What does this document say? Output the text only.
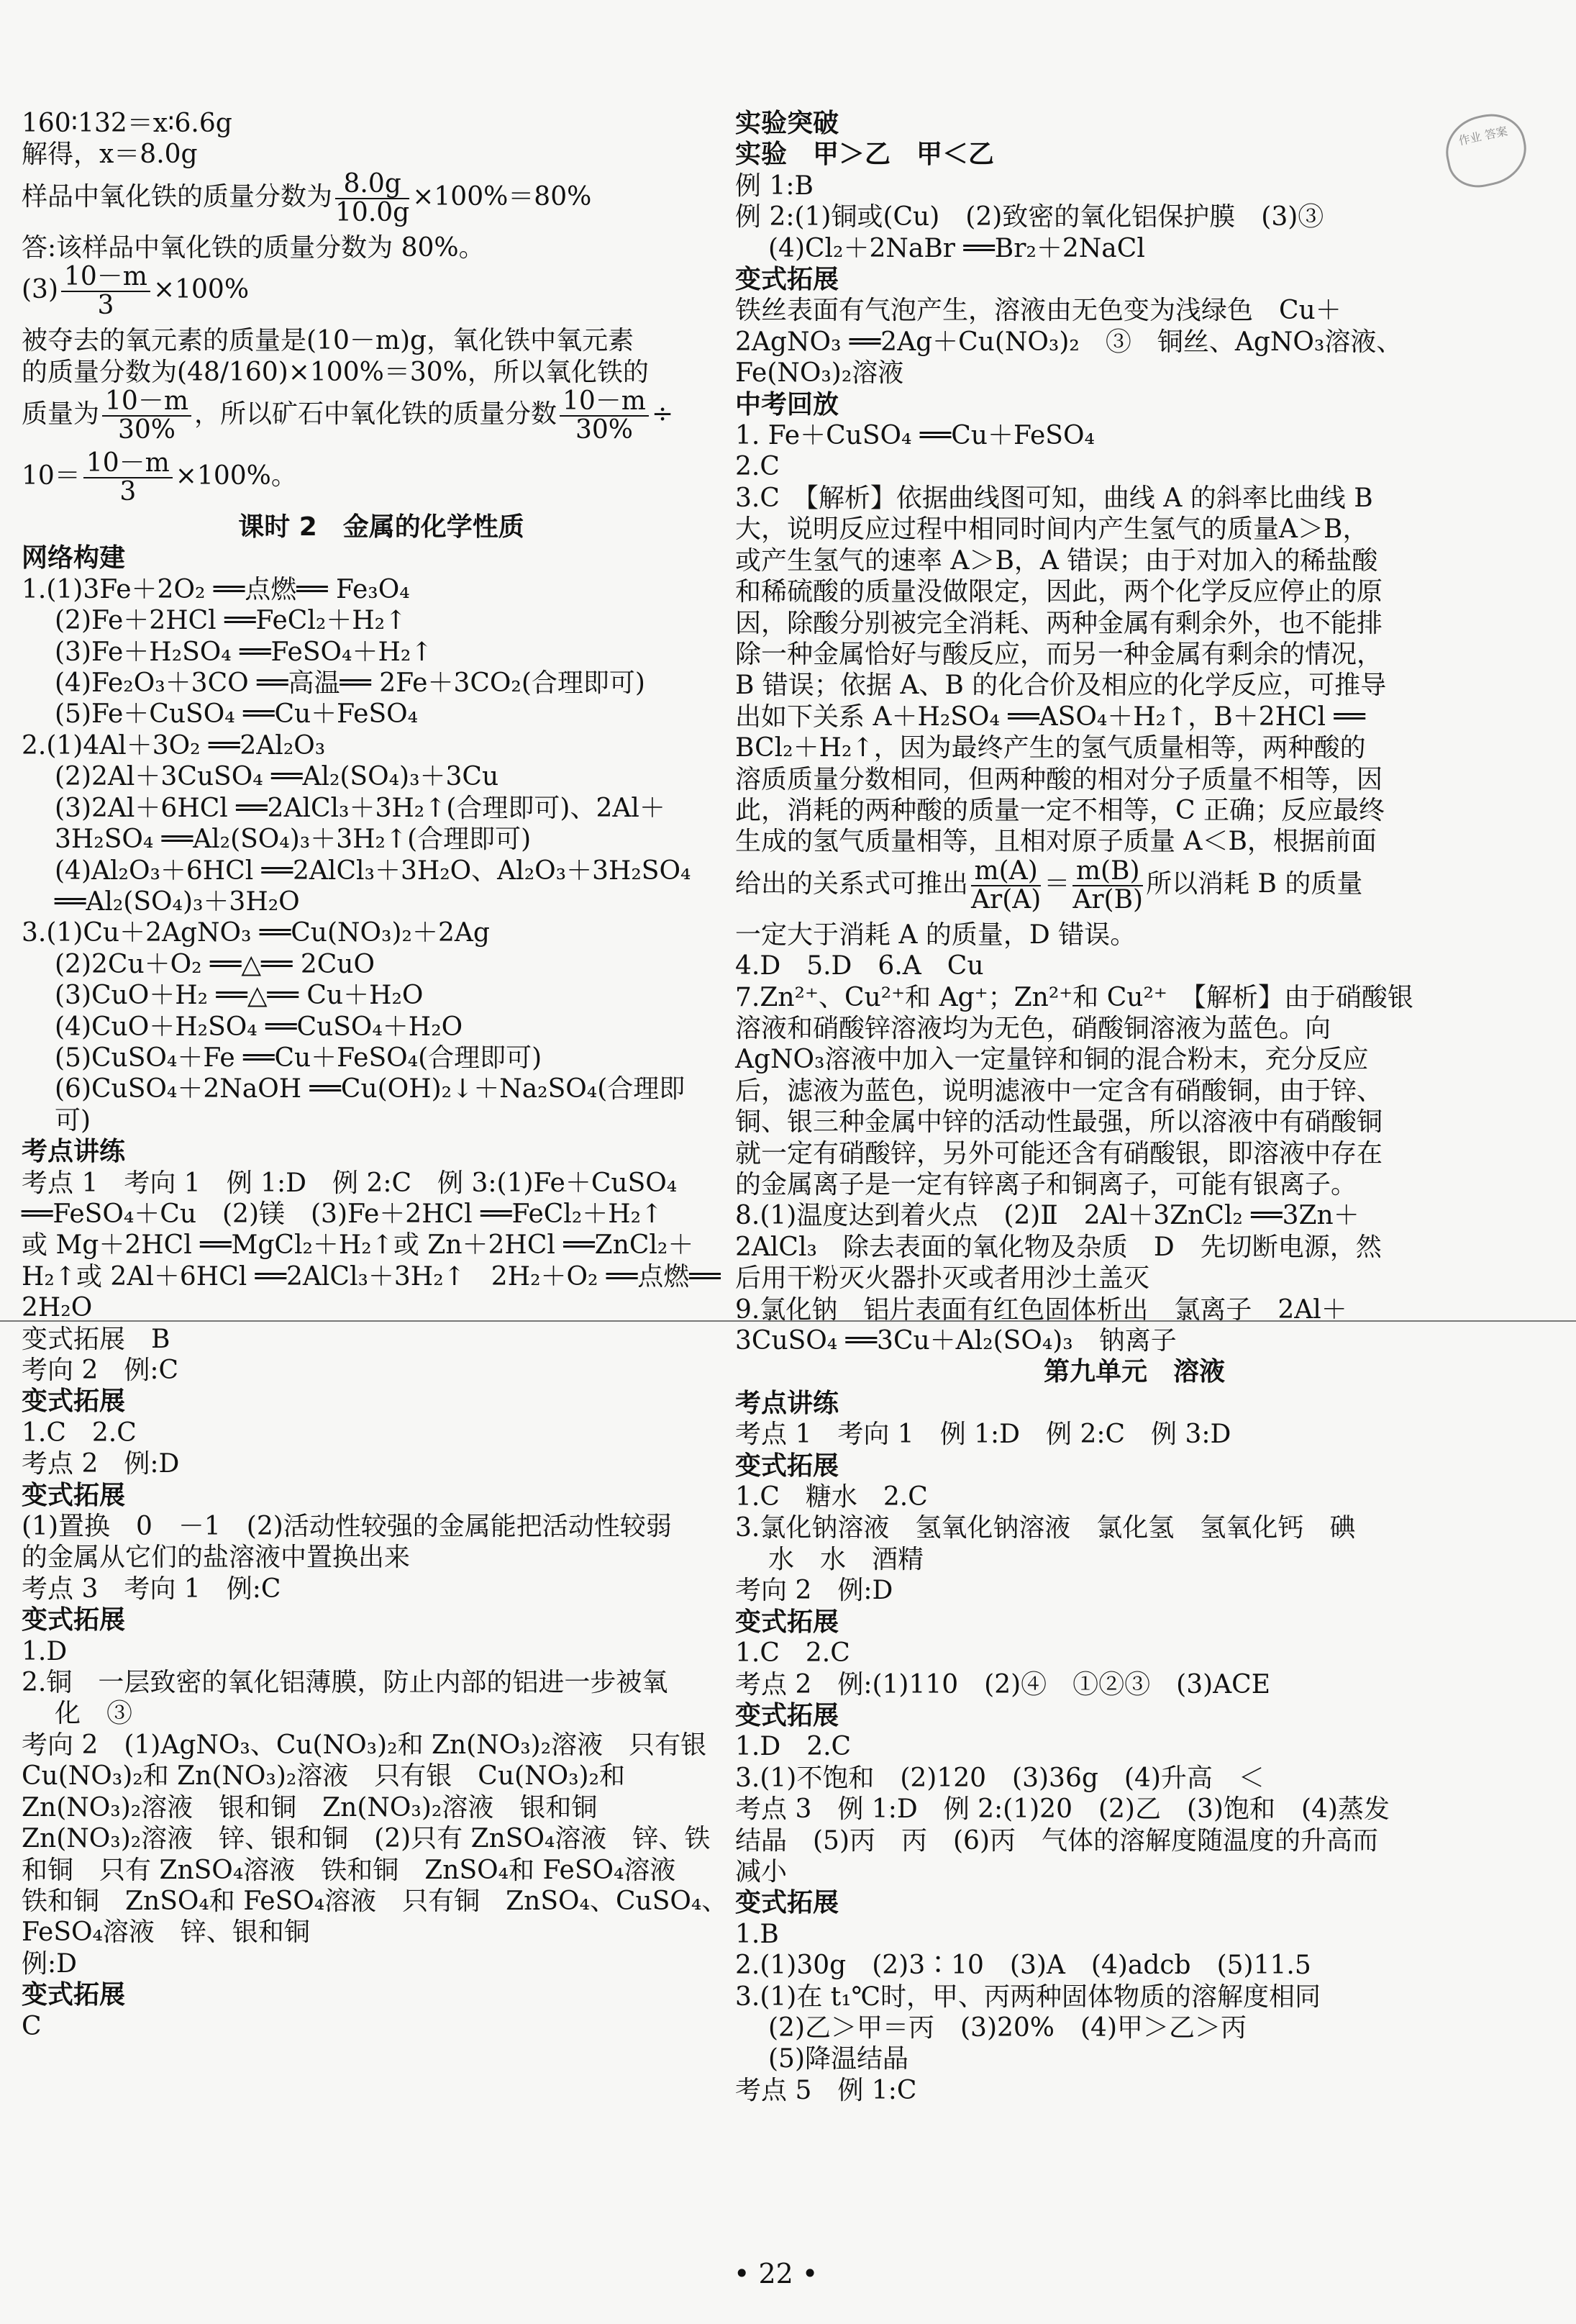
160∶132＝x∶6.6g
解得，x＝8.0g
样品中氧化铁的质量分数为 $\frac{8.0g}{10.0g} \times 100\%=80\%$
答:该样品中氧化铁的质量分数为 80%。
$(3) \frac{10-m}{3} \times 100\%$
被夺去的氧元素的质量是(10－m)g，氧化铁中氧元素
的质量分数为(48/160)×100%＝30%，所以氧化铁的
质量为 $\frac{10-m}{30\%}$ ，所以矿石中氧化铁的质量分数 $\frac{10-m}{30\%}$ ÷
$10= \frac{10-m}{3} \times 100\%$。
课时 2　金属的化学性质
网络构建
1.(1)3Fe＋2O₂ ══点燃══ Fe₃O₄
(2)Fe＋2HCl ══FeCl₂＋H₂↑
(3)Fe＋H₂SO₄ ══FeSO₄＋H₂↑
(4)Fe₂O₃＋3CO ══高温══ 2Fe＋3CO₂(合理即可)
(5)Fe＋CuSO₄ ══Cu＋FeSO₄
2.(1)4Al＋3O₂ ══2Al₂O₃
(2)2Al＋3CuSO₄ ══Al₂(SO₄)₃＋3Cu
(3)2Al＋6HCl ══2AlCl₃＋3H₂↑(合理即可)、2Al＋
3H₂SO₄ ══Al₂(SO₄)₃＋3H₂↑(合理即可)
(4)Al₂O₃＋6HCl ══2AlCl₃＋3H₂O、Al₂O₃＋3H₂SO₄
══Al₂(SO₄)₃＋3H₂O
3.(1)Cu＋2AgNO₃ ══Cu(NO₃)₂＋2Ag
(2)2Cu＋O₂ ══△══ 2CuO
(3)CuO＋H₂ ══△══ Cu＋H₂O
(4)CuO＋H₂SO₄ ══CuSO₄＋H₂O
(5)CuSO₄＋Fe ══Cu＋FeSO₄(合理即可)
(6)CuSO₄＋2NaOH ══Cu(OH)₂↓＋Na₂SO₄(合理即
可)
考点讲练
考点 1　考向 1　例 1:D　例 2:C　例 3:(1)Fe＋CuSO₄
══FeSO₄＋Cu　(2)镁　(3)Fe＋2HCl ══FeCl₂＋H₂↑
或 Mg＋2HCl ══MgCl₂＋H₂↑或 Zn＋2HCl ══ZnCl₂＋
H₂↑或 2Al＋6HCl ══2AlCl₃＋3H₂↑　2H₂＋O₂ ══点燃══
2H₂O
变式拓展　B
考向 2　例:C
变式拓展
1.C　2.C
考点 2　例:D
变式拓展
(1)置换　0　－1　(2)活动性较强的金属能把活动性较弱
的金属从它们的盐溶液中置换出来
考点 3　考向 1　例:C
变式拓展
1.D
2.铜　一层致密的氧化铝薄膜，防止内部的铝进一步被氧
化　③
考向 2　(1)AgNO₃、Cu(NO₃)₂和 Zn(NO₃)₂溶液　只有银
Cu(NO₃)₂和 Zn(NO₃)₂溶液　只有银　Cu(NO₃)₂和
Zn(NO₃)₂溶液　银和铜　Zn(NO₃)₂溶液　银和铜
Zn(NO₃)₂溶液　锌、银和铜　(2)只有 ZnSO₄溶液　锌、铁
和铜　只有 ZnSO₄溶液　铁和铜　ZnSO₄和 FeSO₄溶液
铁和铜　ZnSO₄和 FeSO₄溶液　只有铜　ZnSO₄、CuSO₄、
FeSO₄溶液　锌、银和铜
例:D
变式拓展
C
实验突破
实验　甲＞乙　甲＜乙
例 1:B
例 2:(1)铜或(Cu)　(2)致密的氧化铝保护膜　(3)③
(4)Cl₂＋2NaBr ══Br₂＋2NaCl
变式拓展
铁丝表面有气泡产生，溶液由无色变为浅绿色　Cu＋
2AgNO₃ ══2Ag＋Cu(NO₃)₂　③　铜丝、AgNO₃溶液、
Fe(NO₃)₂溶液
中考回放
1. Fe＋CuSO₄ ══Cu＋FeSO₄
2.C
3.C　【解析】依据曲线图可知，曲线 A 的斜率比曲线 B
大，说明反应过程中相同时间内产生氢气的质量A＞B，
或产生氢气的速率 A＞B，A 错误；由于对加入的稀盐酸
和稀硫酸的质量没做限定，因此，两个化学反应停止的原
因，除酸分别被完全消耗、两种金属有剩余外，也不能排
除一种金属恰好与酸反应，而另一种金属有剩余的情况，
B 错误；依据 A、B 的化合价及相应的化学反应，可推导
出如下关系 A＋H₂SO₄ ══ASO₄＋H₂↑，B＋2HCl ══
BCl₂＋H₂↑，因为最终产生的氢气质量相等，两种酸的
溶质质量分数相同，但两种酸的相对分子质量不相等，因
此，消耗的两种酸的质量一定不相等，C 正确；反应最终
生成的氢气质量相等，且相对原子质量 A＜B，根据前面
给出的关系式可推出 $\frac{m(A)}{Ar(A)} = \frac{m(B)}{Ar(B)}$ 所以消耗 B 的质量
一定大于消耗 A 的质量，D 错误。
4.D　5.D　6.A　Cu
7.Zn²⁺、Cu²⁺和 Ag⁺；Zn²⁺和 Cu²⁺　【解析】由于硝酸银
溶液和硝酸锌溶液均为无色，硝酸铜溶液为蓝色。向
AgNO₃溶液中加入一定量锌和铜的混合粉末，充分反应
后，滤液为蓝色，说明滤液中一定含有硝酸铜，由于锌、
铜、银三种金属中锌的活动性最强，所以溶液中有硝酸铜
就一定有硝酸锌，另外可能还含有硝酸银，即溶液中存在
的金属离子是一定有锌离子和铜离子，可能有银离子。
8.(1)温度达到着火点　(2)Ⅱ　2Al＋3ZnCl₂ ══3Zn＋
2AlCl₃　除去表面的氧化物及杂质　D　先切断电源，然
后用干粉灭火器扑灭或者用沙土盖灭
9.氯化钠　铝片表面有红色固体析出　氯离子　2Al＋
3CuSO₄ ══3Cu＋Al₂(SO₄)₃　钠离子
第九单元　溶液
考点讲练
考点 1　考向 1　例 1:D　例 2:C　例 3:D
变式拓展
1.C　糖水　2.C
3.氯化钠溶液　氢氧化钠溶液　氯化氢　氢氧化钙　碘
水　水　酒精
考向 2　例:D
变式拓展
1.C　2.C
考点 2　例:(1)110　(2)④　①②③　(3)ACE
变式拓展
1.D　2.C
3.(1)不饱和　(2)120　(3)36g　(4)升高　＜
考点 3　例 1:D　例 2:(1)20　(2)乙　(3)饱和　(4)蒸发
结晶　(5)丙　丙　(6)丙　气体的溶解度随温度的升高而
减小
变式拓展
1.B
2.(1)30g　(2)3∶10　(3)A　(4)adcb　(5)11.5
3.(1)在 t₁℃时，甲、丙两种固体物质的溶解度相同
(2)乙＞甲＝丙　(3)20%　(4)甲＞乙＞丙
(5)降温结晶
考点 5　例 1:C
作业 答案
• 22 •
